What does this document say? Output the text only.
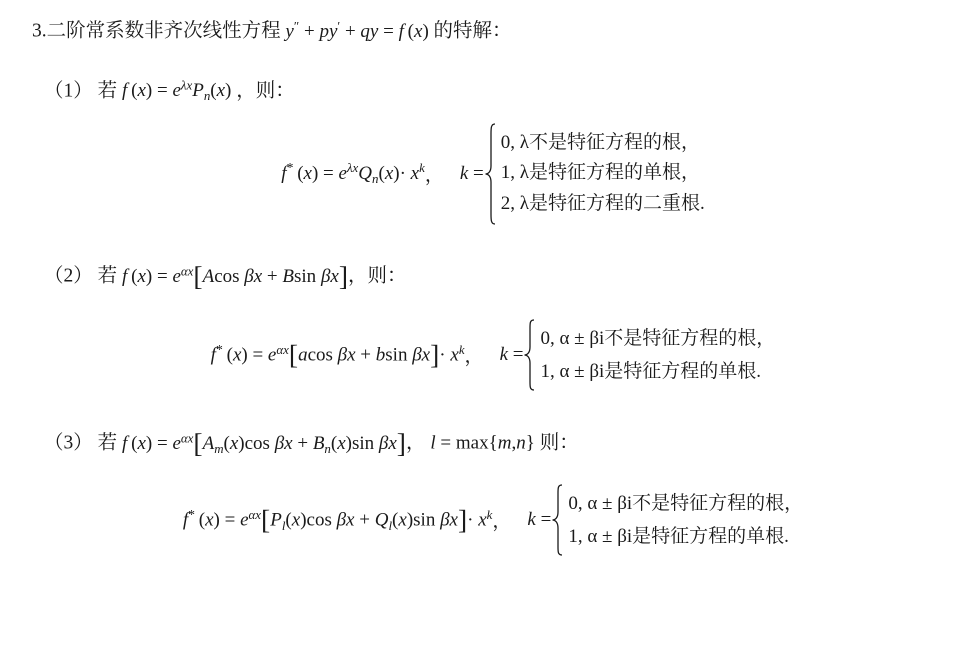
3.二阶常系数非齐次线性方程 y″ + py′ + qy = f (x) 的特解：
（1） 若 f $(x) = e^{\lambda x}P_n(x)$ ，则：
f* $(x) = e^{\lambda x}Q_n(x)\cdot x^k$ ， k =
0, λ不是特征方程的根，
1, λ是特征方程的单根，
2, λ是特征方程的二重根.
（2） 若 f $(x) = e^{\alpha x}[Acos$ βx + Bsin βx]，则：
f* $(x) = e^{\alpha x}[acos$ βx + bsin $\beta x]\cdot x^k$ ， k =
0, α ± βi不是特征方程的根，
1, α ± βi是特征方程的单根.
（3） 若 f $(x) = e^{\alpha x}[A_m(x)\cos$ $\beta x + B_n(x)\sin$ βx]， l = max{m,n} 则：
f* $(x) = e^{\alpha x}[P_l(x)\cos$ $\beta x + Q_l(x)\sin$ $\beta x]\cdot x^k$ ， k =
0, α ± βi不是特征方程的根，
1, α ± βi是特征方程的单根.
